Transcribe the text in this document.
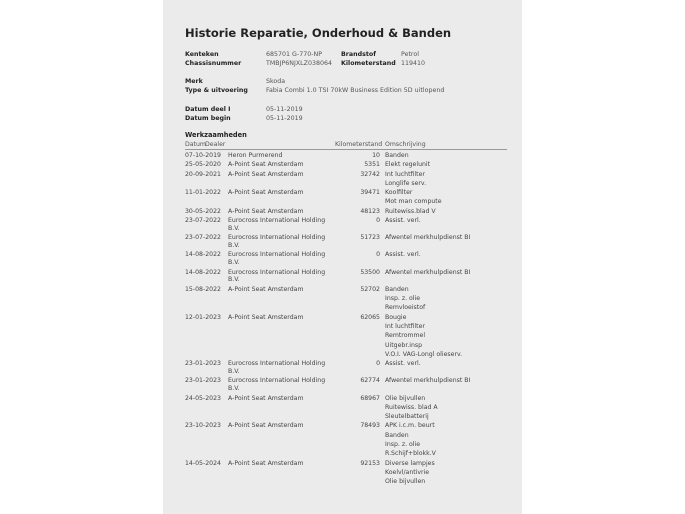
Historie Reparatie, Onderhoud & Banden
Kenteken	685701 G-770-NP
Chassisnummer	TMBJP6NJXLZ038064
Brandstof	Petrol
Kilometerstand 119410
Merk	Skoda
Type & uitvoering	Fabia Combi 1.0 TSI 70kW Business Edition 5D uitlopend
Datum deel I	05-11-2019
Datum begin	05-11-2019
Werkzaamheden
Datum Dealer	Kilometerstand Omschrijving
07-10-2019	Heron Purmerend	10 Banden
25-05-2020	A-Point Seat Amsterdam	5351 Elekt regelunit
20-09-2021	A-Point Seat Amsterdam	32742 Int luchtfilter
Longlife serv.
11-01-2022	A-Point Seat Amsterdam	39471 Koolfilter
Mot man compute
30-05-2022	A-Point Seat Amsterdam	48123 Ruitewiss.blad V
23-07-2022	Eurocross International Holding
B.V.
0 Assist. verl.
23-07-2022	Eurocross International Holding
B.V.
51723 Afwentel merkhulpdienst BI
14-08-2022	Eurocross International Holding
B.V.
0 Assist. verl.
14-08-2022	Eurocross International Holding
B.V.
53500 Afwentel merkhulpdienst BI
15-08-2022	A-Point Seat Amsterdam	52702 Banden
Insp. z. olie
Remvloeistof
12-01-2023	A-Point Seat Amsterdam	62065 Bougie
Int luchtfilter
Remtrommel
Uitgebr.insp
V.O.I. VAG-Longl olieserv.
23-01-2023	Eurocross International Holding
B.V.
0 Assist. verl.
23-01-2023	Eurocross International Holding
B.V.
62774 Afwentel merkhulpdienst BI
24-05-2023	A-Point Seat Amsterdam	68967 Olie bijvullen
Ruitewiss. blad A
Sleutelbatterij
23-10-2023	A-Point Seat Amsterdam	78493 APK i.c.m. beurt
Banden
Insp. z. olie
R.Schijf+blokk.V
14-05-2024	A-Point Seat Amsterdam	92153 Diverse lampjes
Koelvl/antivrie
Olie bijvullen
